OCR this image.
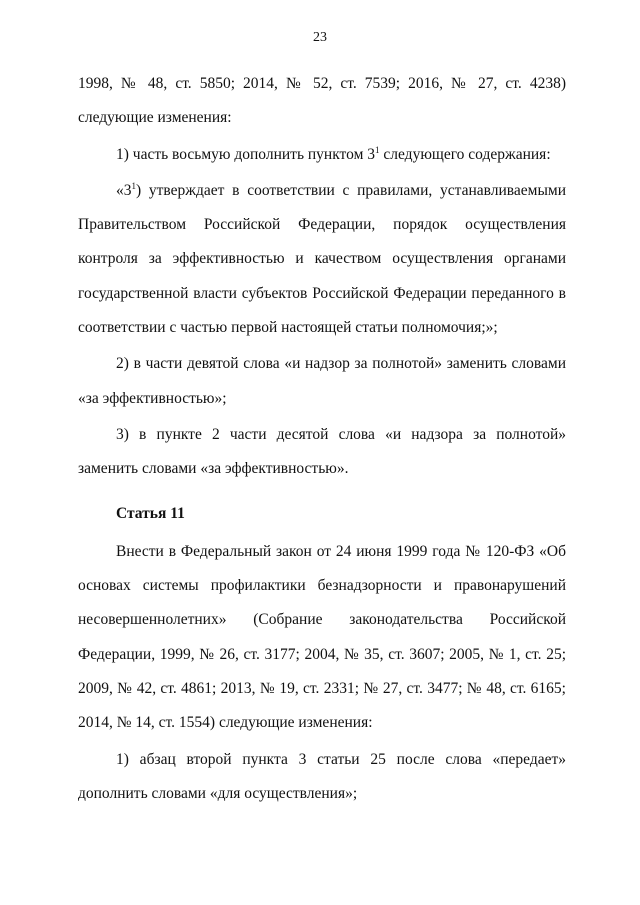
23

1998, № 48, ст. 5850; 2014, № 52, ст. 7539; 2016, № 27, ст. 4238) следующие изменения:

1) часть восьмую дополнить пунктом $3^1$ следующего содержания:

«$3^1$) утверждает в соответствии с правилами, устанавливаемыми Правительством Российской Федерации, порядок осуществления контроля за эффективностью и качеством осуществления органами государственной власти субъектов Российской Федерации переданного в соответствии с частью первой настоящей статьи полномочия;»;

2) в части девятой слова «и надзор за полнотой» заменить словами «за эффективностью»;

3) в пункте 2 части десятой слова «и надзора за полнотой» заменить словами «за эффективностью».

Статья 11

Внести в Федеральный закон от 24 июня 1999 года № 120-ФЗ «Об основах системы профилактики безнадзорности и правонарушений несовершеннолетних» (Собрание законодательства Российской Федерации, 1999, № 26, ст. 3177; 2004, № 35, ст. 3607; 2005, № 1, ст. 25; 2009, № 42, ст. 4861; 2013, № 19, ст. 2331; № 27, ст. 3477; № 48, ст. 6165; 2014, № 14, ст. 1554) следующие изменения:

1) абзац второй пункта 3 статьи 25 после слова «передает» дополнить словами «для осуществления»;
